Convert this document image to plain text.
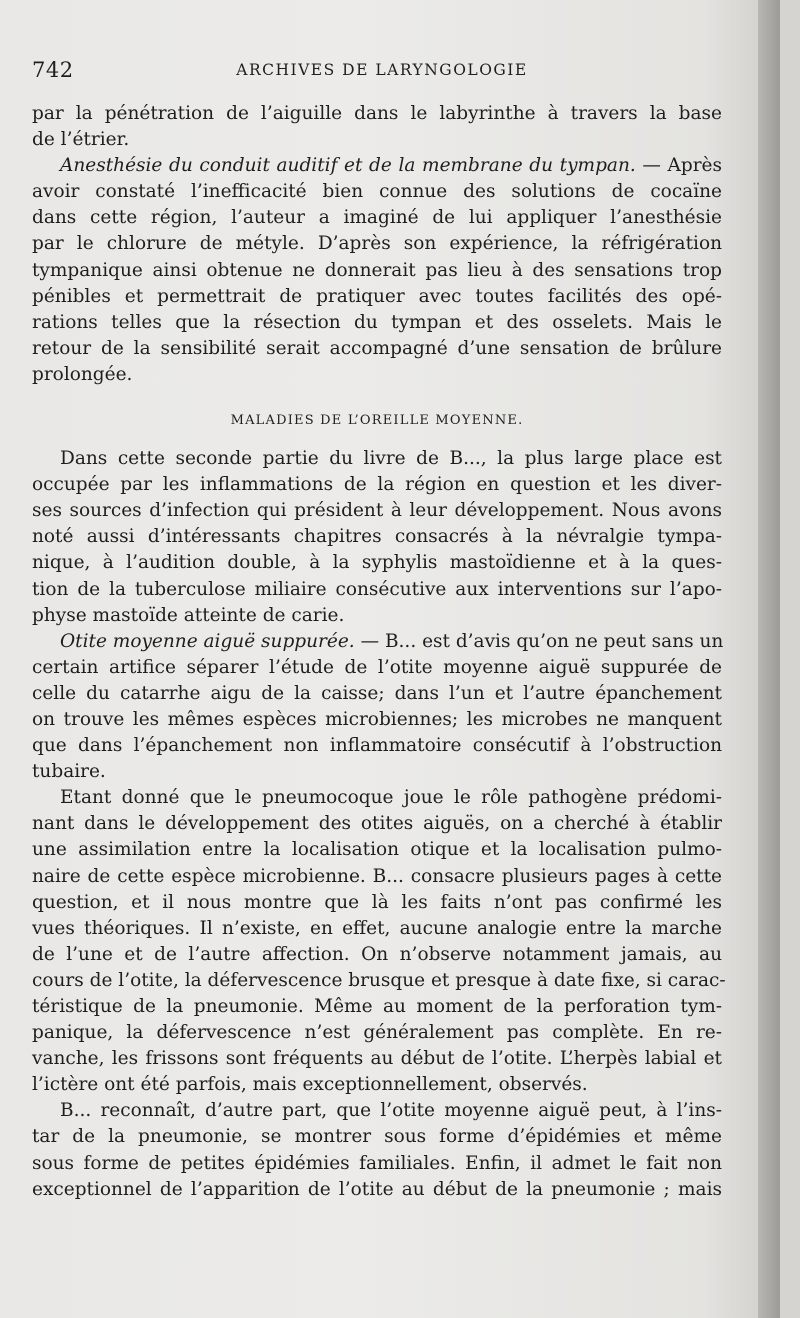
742	ARCHIVES DE LARYNGOLOGIE
par la pénétration de l’aiguille dans le labyrinthe à travers la base
de l’étrier.
Anesthésie du conduit auditif et de la membrane du tympan. — Après
avoir constaté l’inefficacité bien connue des solutions de cocaïne
dans cette région, l’auteur a imaginé de lui appliquer l’anesthésie
par le chlorure de métyle. D’après son expérience, la réfrigération
tympanique ainsi obtenue ne donnerait pas lieu à des sensations trop
pénibles et permettrait de pratiquer avec toutes facilités des opé-
rations telles que la résection du tympan et des osselets. Mais le
retour de la sensibilité serait accompagné d’une sensation de brûlure
prolongée.
MALADIES DE L’OREILLE MOYENNE.
Dans cette seconde partie du livre de B..., la plus large place est
occupée par les inflammations de la région en question et les diver-
ses sources d’infection qui président à leur développement. Nous avons
noté aussi d’intéressants chapitres consacrés à la névralgie tympa-
nique, à l’audition double, à la syphylis mastoïdienne et à la ques-
tion de la tuberculose miliaire consécutive aux interventions sur l’apo-
physe mastoïde atteinte de carie.
Otite moyenne aiguë suppurée. — B... est d’avis qu’on ne peut sans un
certain artifice séparer l’étude de l’otite moyenne aiguë suppurée de
celle du catarrhe aigu de la caisse; dans l’un et l’autre épanchement
on trouve les mêmes espèces microbiennes; les microbes ne manquent
que dans l’épanchement non inflammatoire consécutif à l’obstruction
tubaire.
Etant donné que le pneumocoque joue le rôle pathogène prédomi-
nant dans le développement des otites aiguës, on a cherché à établir
une assimilation entre la localisation otique et la localisation pulmo-
naire de cette espèce microbienne. B... consacre plusieurs pages à cette
question, et il nous montre que là les faits n’ont pas confirmé les
vues théoriques. Il n’existe, en effet, aucune analogie entre la marche
de l’une et de l’autre affection. On n’observe notamment jamais, au
cours de l’otite, la défervescence brusque et presque à date fixe, si carac-
téristique de la pneumonie. Même au moment de la perforation tym-
panique, la défervescence n’est généralement pas complète. En re-
vanche, les frissons sont fréquents au début de l’otite. L’herpès labial et
l’ictère ont été parfois, mais exceptionnellement, observés.
B... reconnaît, d’autre part, que l’otite moyenne aiguë peut, à l’ins-
tar de la pneumonie, se montrer sous forme d’épidémies et même
sous forme de petites épidémies familiales. Enfin, il admet le fait non
exceptionnel de l’apparition de l’otite au début de la pneumonie ; mais
